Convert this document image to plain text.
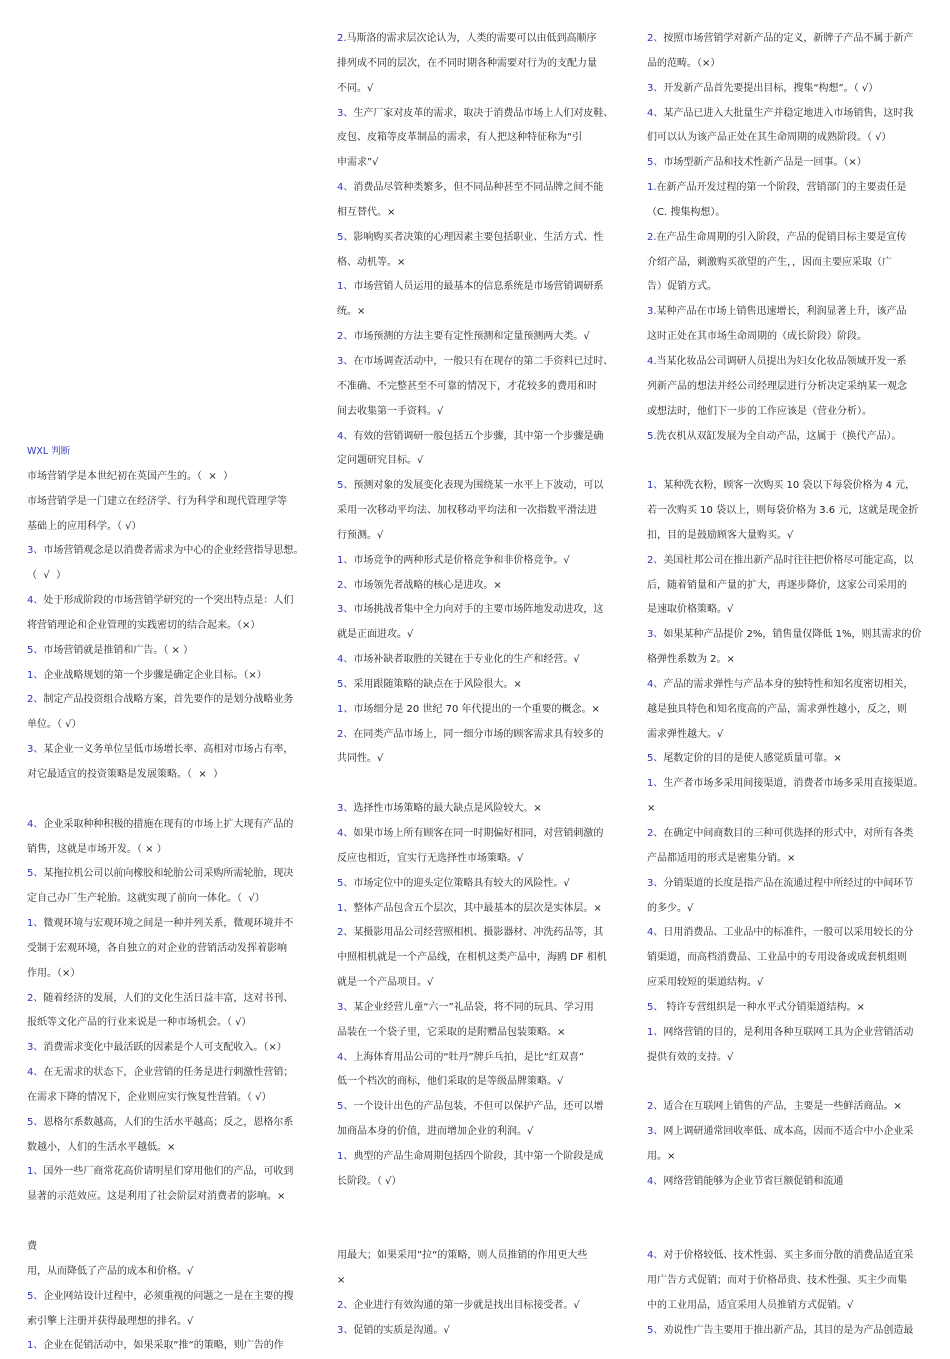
WXL 判断
市场营销学是本世纪初在英国产生的。（  ×  ）
市场营销学是一门建立在经济学、行为科学和现代管理学等
基础上的应用科学。（ √）
3、市场营销观念是以消费者需求为中心的企业经营指导思想。
（  √  ）
4、处于形成阶段的市场营销学研究的一个突出特点是：人们
将营销理论和企业管理的实践密切的结合起来。（×）
5、市场营销就是推销和广告。（ × ）
1、企业战略规划的第一个步骤是确定企业目标。（×）
2、制定产品投资组合战略方案，首先要作的是划分战略业务
单位。（ √）
3、某企业一义务单位呈低市场增长率、高相对市场占有率，
对它最适宜的投资策略是发展策略。（  ×  ）
4、企业采取种种积极的措施在现有的市场上扩大现有产品的
销售，这就是市场开发。（ × ）
5、某拖拉机公司以前向橡胶和轮胎公司采购所需轮胎，现决
定自己办厂生产轮胎。这就实现了前向一体化。（  √）
1、微观环境与宏观环境之间是一种并列关系，微观环境并不
受制于宏观环境，各自独立的对企业的营销活动发挥着影响
作用。（×）
2、随着经济的发展，人们的文化生活日益丰富，这对书刊、
报纸等文化产品的行业来说是一种市场机会。（ √）
3、消费需求变化中最活跃的因素是个人可支配收入。（×）
4、在无需求的状态下，企业营销的任务是进行刺激性营销；
在需求下降的情况下，企业则应实行恢复性营销。（ √）
5、恩格尔系数越高，人们的生活水平越高；反之，恩格尔系
数越小，人们的生活水平越低。×
1、国外一些厂商常花高价请明星们穿用他们的产品，可收到
显著的示范效应。这是利用了社会阶层对消费者的影响。×
费
用，从而降低了产品的成本和价格。√
5、企业网站设计过程中，必须重视的问题之一是在主要的搜
索引擎上注册并获得最理想的排名。√
1、企业在促销活动中，如果采取“推“的策略，则广告的作
2.马斯洛的需求层次论认为，人类的需要可以由低到高顺序
排列成不同的层次，在不同时期各种需要对行为的支配力量
不同。√
3、生产厂家对皮革的需求，取决于消费品市场上人们对皮鞋、
皮包、皮箱等皮革制品的需求，有人把这种特征称为“引
申需求”√
4、消费品尽管种类繁多，但不同品种甚至不同品牌之间不能
相互替代。×
5、影响购买者决策的心理因素主要包括职业、生活方式、性
格、动机等。×
1、市场营销人员运用的最基本的信息系统是市场营销调研系
统。×
2、市场预测的方法主要有定性预测和定量预测两大类。√
3、在市场调查活动中，一般只有在现存的第二手资料已过时、
不准确、不完整甚至不可靠的情况下，才花较多的费用和时
间去收集第一手资料。√
4、有效的营销调研一般包括五个步骤，其中第一个步骤是确
定问题研究目标。√
5、预测对象的发展变化表现为围绕某一水平上下波动，可以
采用一次移动平均法、加权移动平均法和一次指数平滑法进
行预测。√
1、市场竞争的两种形式是价格竞争和非价格竞争。√
2、市场领先者战略的核心是进攻。×
3、市场挑战者集中全力向对手的主要市场阵地发动进攻，这
就是正面进攻。√
4、市场补缺者取胜的关键在于专业化的生产和经营。√
5、采用跟随策略的缺点在于风险很大。×
1、市场细分是 20 世纪 70 年代提出的一个重要的概念。×
2、在同类产品市场上，同一细分市场的顾客需求具有较多的
共同性。√
3、选择性市场策略的最大缺点是风险较大。×
4、如果市场上所有顾客在同一时期偏好相同，对营销刺激的
反应也相近，宜实行无选择性市场策略。√
5、市场定位中的迎头定位策略具有较大的风险性。√
1、整体产品包含五个层次，其中最基本的层次是实体层。×
2、某摄影用品公司经营照相机、摄影器材、冲洗药品等，其
中照相机就是一个产品线，在相机这类产品中，海鸥 DF 相机
就是一个产品项目。√
3、某企业经营儿童“六一”礼品袋，将不同的玩具、学习用
品装在一个袋子里，它采取的是附赠品包装策略。×
4、上海体育用品公司的“牡丹”牌乒乓拍，是比“红双喜”
低一个档次的商标，他们采取的是等级品牌策略。√
5、一个设计出色的产品包装，不但可以保护产品，还可以增
加商品本身的价值，进而增加企业的利润。√
1、典型的产品生命周期包括四个阶段，其中第一个阶段是成
长阶段。（ √）
用最大；如果采用”拉“的策略，则人员推销的作用更大些
×
2、企业进行有效沟通的第一步就是找出目标接受者。√
3、促销的实质是沟通。√
2、按照市场营销学对新产品的定义，新牌子产品不属于新产
品的范畴。（×）
3、开发新产品首先要提出目标，搜集“构想”。（ √）
4、某产品已进入大批量生产并稳定地进入市场销售，这时我
们可以认为该产品正处在其生命周期的成熟阶段。（ √）
5、市场型新产品和技术性新产品是一回事。（×）
1.在新产品开发过程的第一个阶段，营销部门的主要责任是
（C. 搜集构想）。
2.在产品生命周期的引入阶段，产品的促销目标主要是宣传
介绍产品，刺激购买欲望的产生，，因而主要应采取（广
告）促销方式。
3.某种产品在市场上销售迅速增长，利润显著上升，该产品
这时正处在其市场生命周期的（成长阶段）阶段。
4.当某化妆品公司调研人员提出为妇女化妆品领域开发一系
列新产品的想法并经公司经理层进行分析决定采纳某一观念
或想法时，他们下一步的工作应该是（营业分析）。
5.洗衣机从双缸发展为全自动产品，这属于（换代产品）。
1、某种洗衣粉，顾客一次购买 10 袋以下每袋价格为 4 元，
若一次购买 10 袋以上，则每袋价格为 3.6 元，这就是现金折
扣，目的是鼓励顾客大量购买。√
2、美国杜邦公司在推出新产品时往往把价格尽可能定高，以
后，随着销量和产量的扩大，再逐步降价，这家公司采用的
是速取价格策略。√
3、如果某种产品提价 2%，销售量仅降低 1%，则其需求的价
格弹性系数为 2。×
4、产品的需求弹性与产品本身的独特性和知名度密切相关，
越是独具特色和知名度高的产品，需求弹性越小，反之，则
需求弹性越大。√
5、尾数定价的目的是使人感觉质量可靠。×
1、生产者市场多采用间接渠道，消费者市场多采用直接渠道。
×
2、在确定中间商数目的三种可供选择的形式中，对所有各类
产品都适用的形式是密集分销。×
3、分销渠道的长度是指产品在流通过程中所经过的中间环节
的多少。√
4、日用消费品、工业品中的标准件，一般可以采用较长的分
销渠道，而高档消费品、工业品中的专用设备或成套机组则
应采用较短的渠道结构。√
5、 特许专营组织是一种水平式分销渠道结构。×
1、网络营销的目的，是利用各种互联网工具为企业营销活动
提供有效的支持。√
2、适合在互联网上销售的产品，主要是一些鲜活商品。×
3、网上调研通常回收率低、成本高，因而不适合中小企业采
用。×
4、网络营销能够为企业节省巨额促销和流通
4、对于价格较低、技术性弱、买主多而分散的消费品适宜采
用广告方式促销；而对于价格昂贵、技术性强、买主少而集
中的工业用品，适宜采用人员推销方式促销。√
5、劝说性广告主要用于推出新产品，其目的是为产品创造最
